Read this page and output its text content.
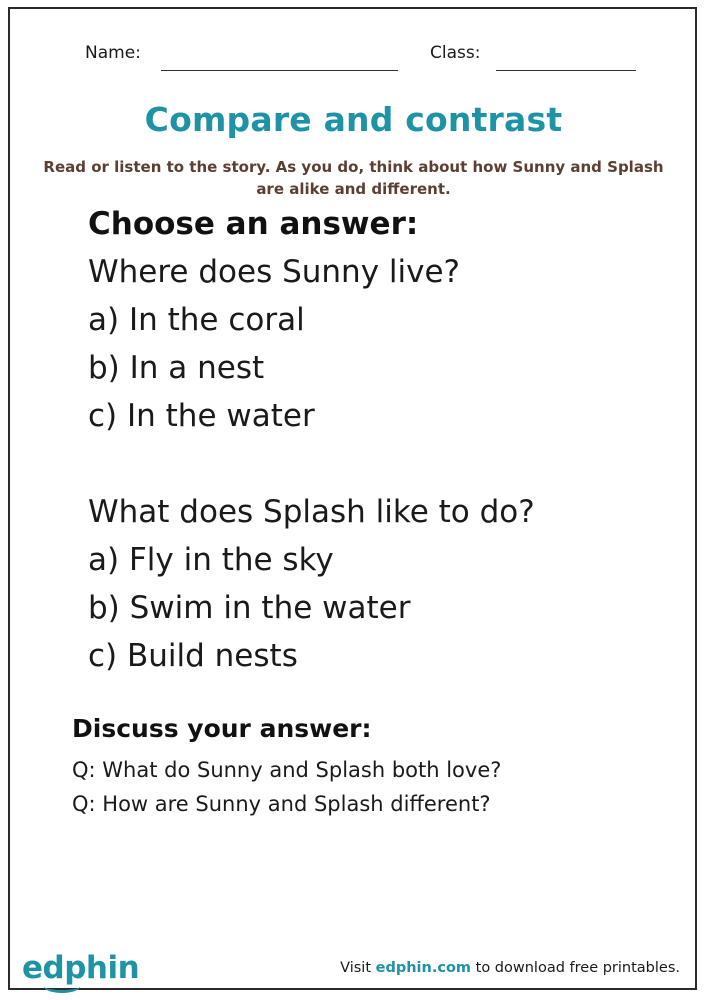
Name:	Class:
Compare and contrast
Read or listen to the story. As you do, think about how Sunny and Splash are alike and different.
Choose an answer:
Where does Sunny live?
a) In the coral
b) In a nest
c) In the water
What does Splash like to do?
a) Fly in the sky
b) Swim in the water
c) Build nests
Discuss your answer:
Q: What do Sunny and Splash both love?
Q: How are Sunny and Splash different?
edphin	Visit edphin.com to download free printables.
